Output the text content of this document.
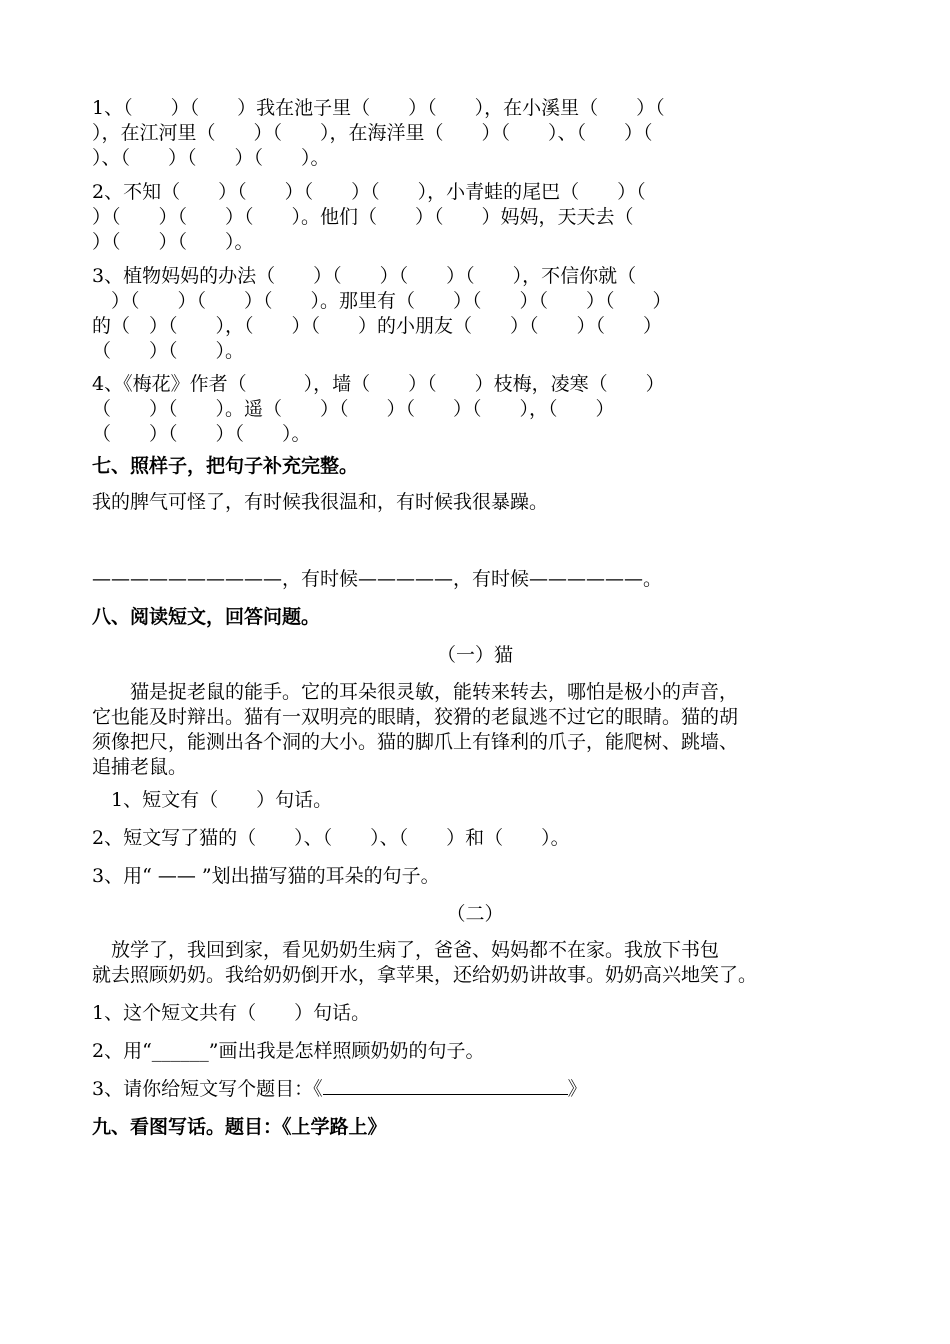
1、（　　）（　　）我在池子里（　　）（　　），在小溪里（　　）（
），在江河里（　　）（　　），在海洋里（　　）（　　）、（　　）（
）、（　　）（　　）（　　）。
2、不知（　　）（　　）（　　）（　　），小青蛙的尾巴（　　）（
）（　　）（　　）（　　）。他们（　　）（　　）妈妈，天天去（
）（　　）（　　）。
3、植物妈妈的办法（　　）（　　）（　　）（　　），不信你就（
　）（　　）（　　）（　　）。那里有（　　）（　　）（　　）（　　）
的（　）（　　），（　　）（　　）的小朋友（　　）（　　）（　　）
（　　）（　　）。
4、《梅花》作者（　　　），墙（　　）（　　）枝梅，凌寒（　　）
（　　）（　　）。遥（　　）（　　）（　　）（　　），（　　）
（　　）（　　）（　　）。
七、照样子，把句子补充完整。
我的脾气可怪了，有时候我很温和，有时候我很暴躁。
——————————，有时候—————，有时候——————。
八、阅读短文，回答问题。
（一）猫
　　猫是捉老鼠的能手。它的耳朵很灵敏，能转来转去，哪怕是极小的声音，
它也能及时辩出。猫有一双明亮的眼睛，狡猾的老鼠逃不过它的眼睛。猫的胡
须像把尺，能测出各个洞的大小。猫的脚爪上有锋利的爪子，能爬树、跳墙、
追捕老鼠。
　1、短文有（　　）句话。
2、短文写了猫的（　　）、（　　）、（　　）和（　　）。
3、用“ —— ”划出描写猫的耳朵的句子。
（二）
　放学了，我回到家，看见奶奶生病了，爸爸、妈妈都不在家。我放下书包
就去照顾奶奶。我给奶奶倒开水，拿苹果，还给奶奶讲故事。奶奶高兴地笑了。
1、这个短文共有（　　）句话。
2、用“______”画出我是怎样照顾奶奶的句子。
3、请你给短文写个题目：《	》
九、看图写话。题目：《上学路上》
